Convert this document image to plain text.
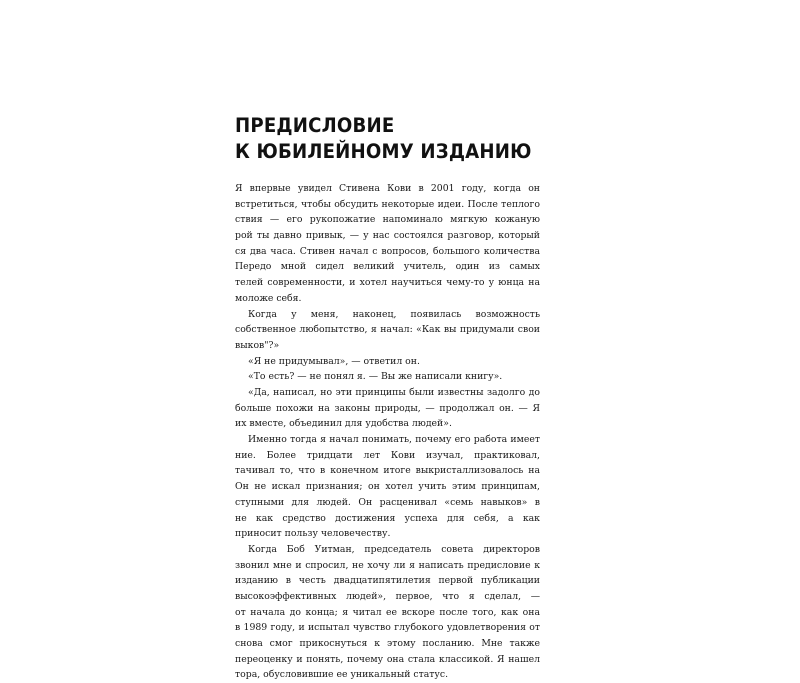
ПРЕДИСЛОВИЕ
К ЮБИЛЕЙНОМУ ИЗДАНИЮ
Я впервые увидел Стивена Кови в 2001 году, когда он
встретиться, чтобы обсудить некоторые идеи. После теплого
ствия — его рукопожатие напоминало мягкую кожаную
рой ты давно привык, — у нас состоялся разговор, который
ся два часа. Стивен начал с вопросов, большого количества
Передо мной сидел великий учитель, один из самых
телей современности, и хотел научиться чему-то у юнца на
моложе себя.
Когда у меня, наконец, появилась возможность
собственное любопытство, я начал: «Как вы придумали свои
выков"?»
«Я не придумывал», — ответил он.
«То есть? — не понял я. — Вы же написали книгу».
«Да, написал, но эти принципы были известны задолго до
больше похожи на законы природы, — продолжал он. — Я
их вместе, объединил для удобства людей».
Именно тогда я начал понимать, почему его работа имеет
ние. Более тридцати лет Кови изучал, практиковал,
тачивал то, что в конечном итоге выкристаллизовалось на
Он не искал признания; он хотел учить этим принципам,
ступными для людей. Он расценивал «семь навыков» в
не как средство достижения успеха для себя, а как
приносит пользу человечеству.
Когда Боб Уитман, председатель совета директоров
звонил мне и спросил, не хочу ли я написать предисловие к
изданию в честь двадцатипятилетия первой публикации
высокоэффективных людей», первое, что я сделал, —
от начала до конца; я читал ее вскоре после того, как она
в 1989 году, и испытал чувство глубокого удовлетворения от
снова смог прикоснуться к этому посланию. Мне также
переоценку и понять, почему она стала классикой. Я нашел
тора, обусловившие ее уникальный статус.
